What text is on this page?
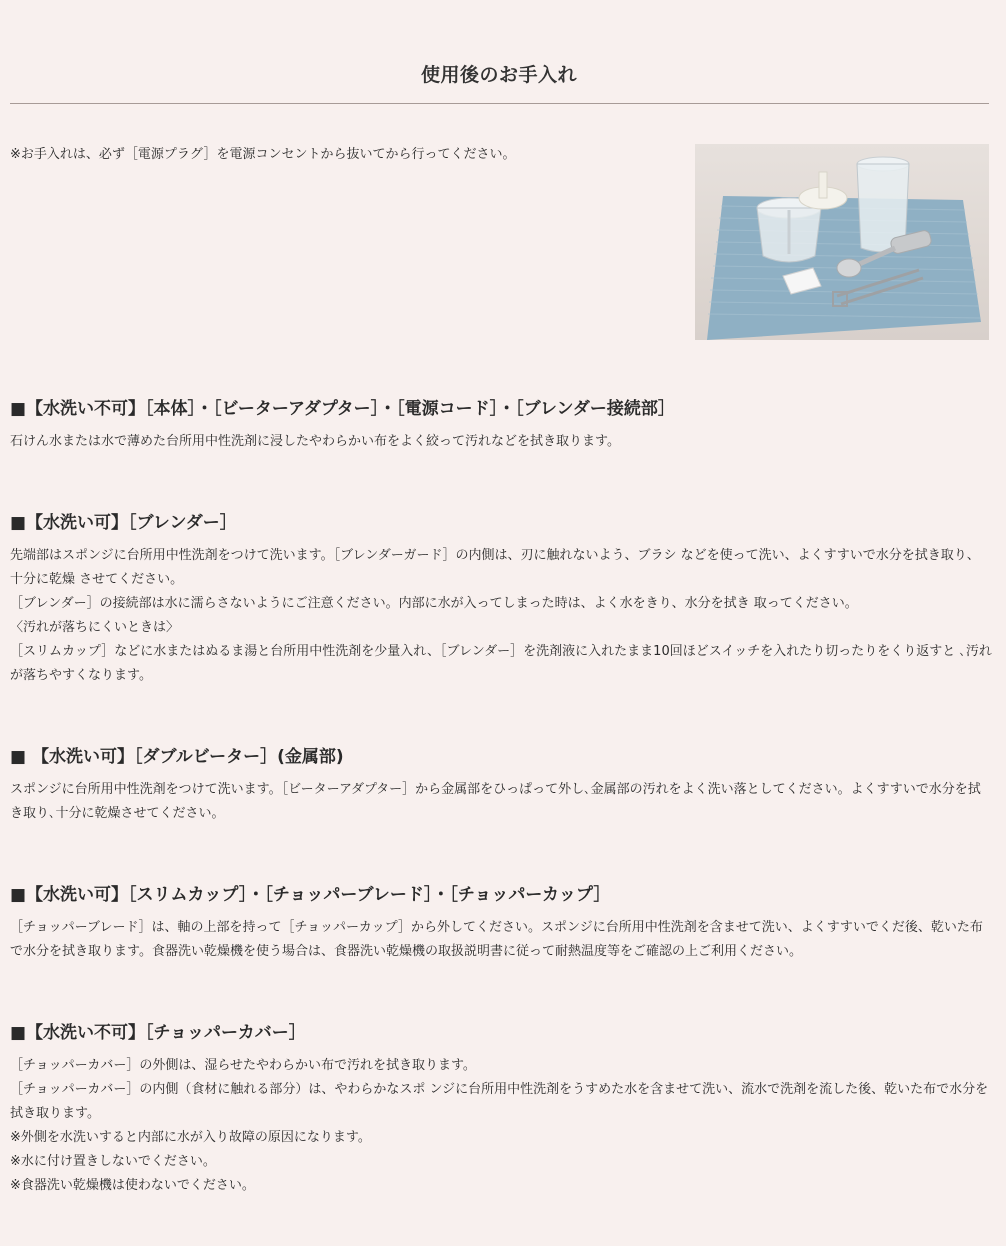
使用後のお手入れ

※お手入れは、必ず［電源プラグ］を電源コンセントから抜いてから行ってください。

■【水洗い不可】［本体］・［ビーターアダプター］・［電源コード］・［ブレンダー接続部］

石けん水または水で薄めた台所用中性洗剤に浸したやわらかい布をよく絞って汚れなどを拭き取ります。

■【水洗い可】［ブレンダー］

先端部はスポンジに台所用中性洗剤をつけて洗います。［ブレンダーガード］の内側は、刃に触れないよう、ブラシ などを使って洗い、よくすすいで水分を拭き取り、十分に乾燥 させてください。

［ブレンダー］の接続部は水に濡らさないようにご注意ください。内部に水が入ってしまった時は、よく水をきり、水分を拭き 取ってください。

〈汚れが落ちにくいときは〉

［スリムカップ］などに水またはぬるま湯と台所用中性洗剤を少量入れ、［ブレンダー］を洗剤液に入れたまま10回ほどスイッチを入れたり切ったりをくり返すと ､汚れが落ちやすくなります。

■ 【水洗い可】［ダブルビーター］(金属部)

スポンジに台所用中性洗剤をつけて洗います。［ビーターアダプター］から金属部をひっぱって外し､金属部の汚れをよく洗い落としてください。よくすすいで水分を拭き取り､十分に乾燥させてください。

■【水洗い可】［スリムカップ］・［チョッパーブレード］・［チョッパーカップ］

［チョッパーブレード］は、軸の上部を持って［チョッパーカップ］から外してください。スポンジに台所用中性洗剤を含ませて洗い、よくすすいでくだ後、乾いた布で水分を拭き取ります。食器洗い乾燥機を使う場合は、食器洗い乾燥機の取扱説明書に従って耐熱温度等をご確認の上ご利用ください。

■【水洗い不可】［チョッパーカバー］

［チョッパーカバー］の外側は、湿らせたやわらかい布で汚れを拭き取ります。

［チョッパーカバー］の内側（食材に触れる部分）は、やわらかなスポ ンジに台所用中性洗剤をうすめた水を含ませて洗い、流水で洗剤を流した後、乾いた布で水分を拭き取ります。

※外側を水洗いすると内部に水が入り故障の原因になります。

※水に付け置きしないでください。

※食器洗い乾燥機は使わないでください。
